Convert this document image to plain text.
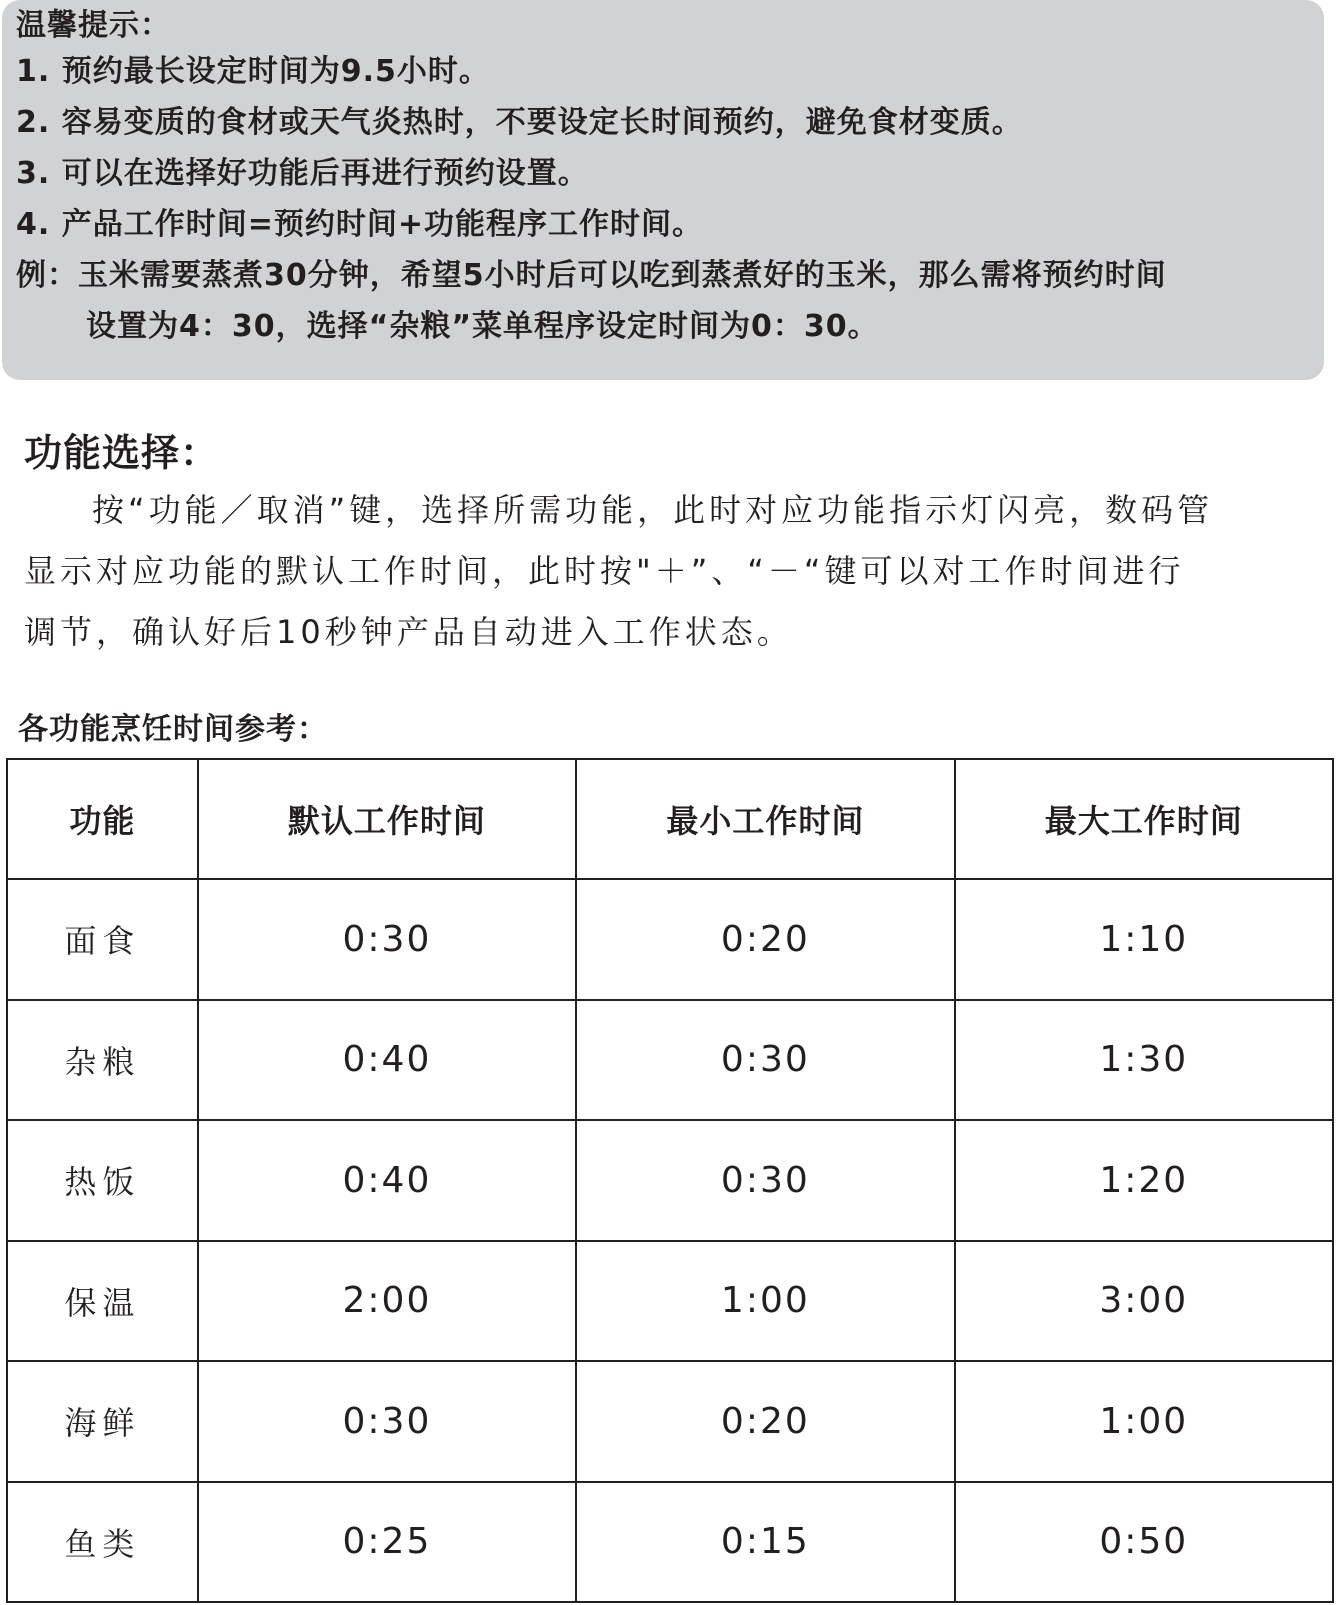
温馨提示：
1. 预约最长设定时间为9.5小时。
2. 容易变质的食材或天气炎热时，不要设定长时间预约，避免食材变质。
3. 可以在选择好功能后再进行预约设置。
4. 产品工作时间=预约时间+功能程序工作时间。
例：玉米需要蒸煮30分钟，希望5小时后可以吃到蒸煮好的玉米，那么需将预约时间
设置为4：30，选择“杂粮”菜单程序设定时间为0：30。
功能选择：
按“功能／取消”键，选择所需功能，此时对应功能指示灯闪亮，数码管
显示对应功能的默认工作时间，此时按"＋”、“－“键可以对工作时间进行
调节，确认好后10秒钟产品自动进入工作状态。
各功能烹饪时间参考：
功能	默认工作时间	最小工作时间	最大工作时间
面食	0:30	0:20	1:10
杂粮	0:40	0:30	1:30
热饭	0:40	0:30	1:20
保温	2:00	1:00	3:00
海鲜	0:30	0:20	1:00
鱼类	0:25	0:15	0:50
